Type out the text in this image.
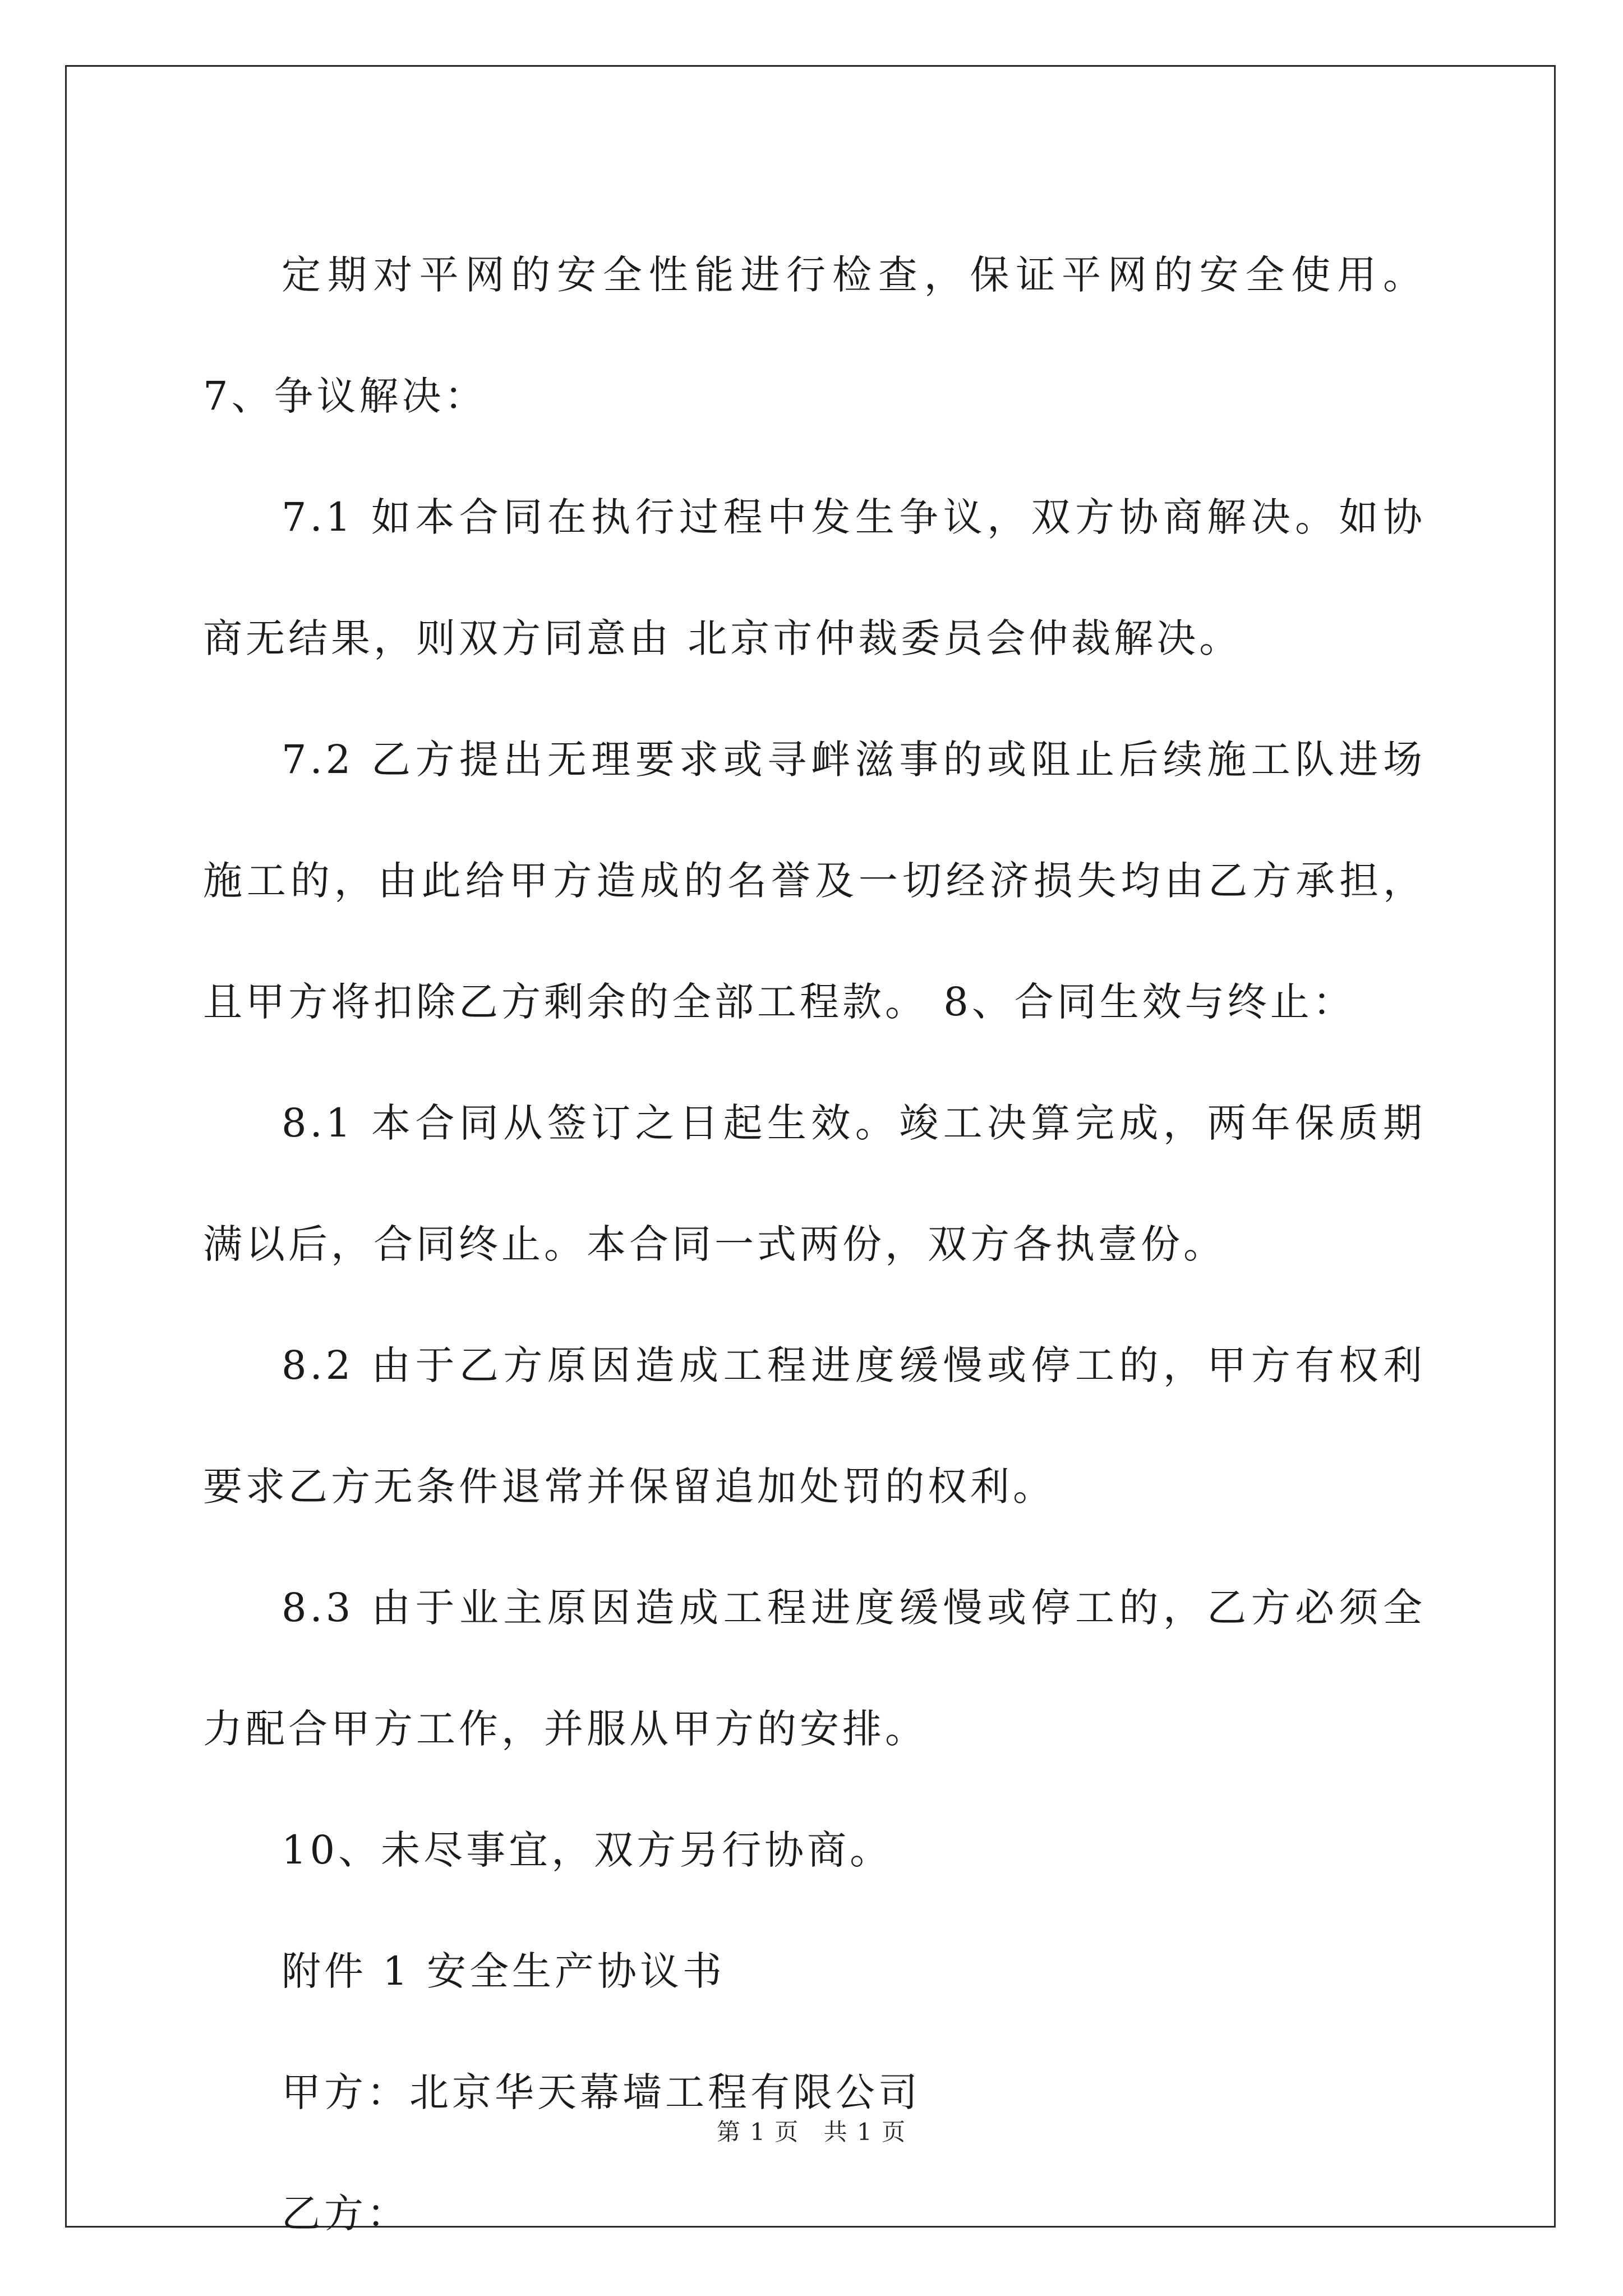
定期对平网的安全性能进行检查，保证平网的安全使用。 7、争议解决：

7.1 如本合同在执行过程中发生争议，双方协商解决。如协商无结果，则双方同意由 北京市仲裁委员会仲裁解决。

7.2 乙方提出无理要求或寻衅滋事的或阻止后续施工队进场施工的，由此给甲方造成的名誉及一切经济损失均由乙方承担，且甲方将扣除乙方剩余的全部工程款。 8、合同生效与终止：

8.1 本合同从签订之日起生效。竣工决算完成，两年保质期满以后，合同终止。本合同一式两份，双方各执壹份。

8.2 由于乙方原因造成工程进度缓慢或停工的，甲方有权利要求乙方无条件退常并保留追加处罚的权利。

8.3 由于业主原因造成工程进度缓慢或停工的，乙方必须全力配合甲方工作，并服从甲方的安排。

10、未尽事宜，双方另行协商。

附件 1 安全生产协议书

甲方：北京华天幕墙工程有限公司

乙方：

第 1 页 共 1 页
